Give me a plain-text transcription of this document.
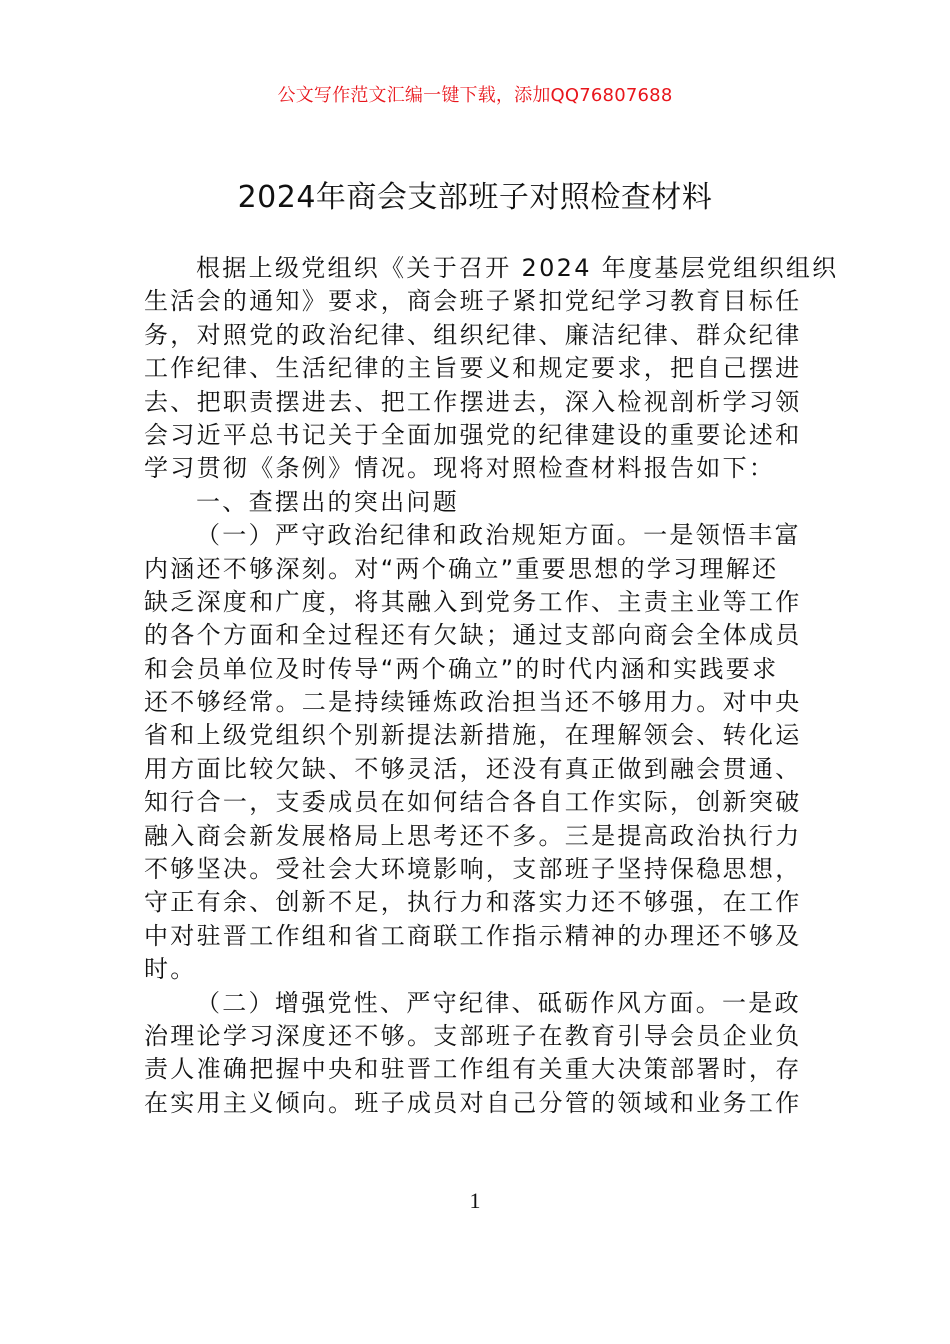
公文写作范文汇编一键下载，添加QQ76807688
2024年商会支部班子对照检查材料
根据上级党组织《关于召开 2024 年度基层党组织组织
生活会的通知》要求，商会班子紧扣党纪学习教育目标任
务，对照党的政治纪律、组织纪律、廉洁纪律、群众纪律
工作纪律、生活纪律的主旨要义和规定要求，把自己摆进
去、把职责摆进去、把工作摆进去，深入检视剖析学习领
会习近平总书记关于全面加强党的纪律建设的重要论述和
学习贯彻《条例》情况。现将对照检查材料报告如下：
一、查摆出的突出问题
（一）严守政治纪律和政治规矩方面。一是领悟丰富
内涵还不够深刻。对“两个确立”重要思想的学习理解还
缺乏深度和广度，将其融入到党务工作、主责主业等工作
的各个方面和全过程还有欠缺；通过支部向商会全体成员
和会员单位及时传导“两个确立”的时代内涵和实践要求
还不够经常。二是持续锤炼政治担当还不够用力。对中央
省和上级党组织个别新提法新措施，在理解领会、转化运
用方面比较欠缺、不够灵活，还没有真正做到融会贯通、
知行合一，支委成员在如何结合各自工作实际，创新突破
融入商会新发展格局上思考还不多。三是提高政治执行力
不够坚决。受社会大环境影响，支部班子坚持保稳思想，
守正有余、创新不足，执行力和落实力还不够强，在工作
中对驻晋工作组和省工商联工作指示精神的办理还不够及
时。
（二）增强党性、严守纪律、砥砺作风方面。一是政
治理论学习深度还不够。支部班子在教育引导会员企业负
责人准确把握中央和驻晋工作组有关重大决策部署时，存
在实用主义倾向。班子成员对自己分管的领域和业务工作
1
